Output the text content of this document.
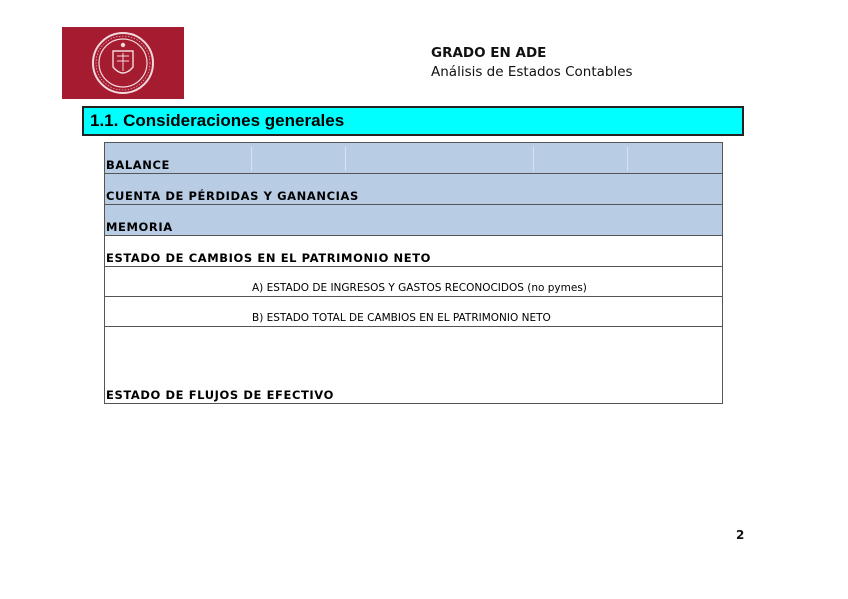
GRADO EN ADE
Análisis de Estados Contables
1.1. Consideraciones generales
BALANCE
CUENTA DE PÉRDIDAS Y GANANCIAS
MEMORIA
ESTADO DE CAMBIOS EN EL PATRIMONIO NETO
A) ESTADO DE INGRESOS Y GASTOS RECONOCIDOS (no pymes)
B) ESTADO TOTAL DE CAMBIOS EN EL PATRIMONIO NETO
ESTADO DE FLUJOS DE EFECTIVO
2
